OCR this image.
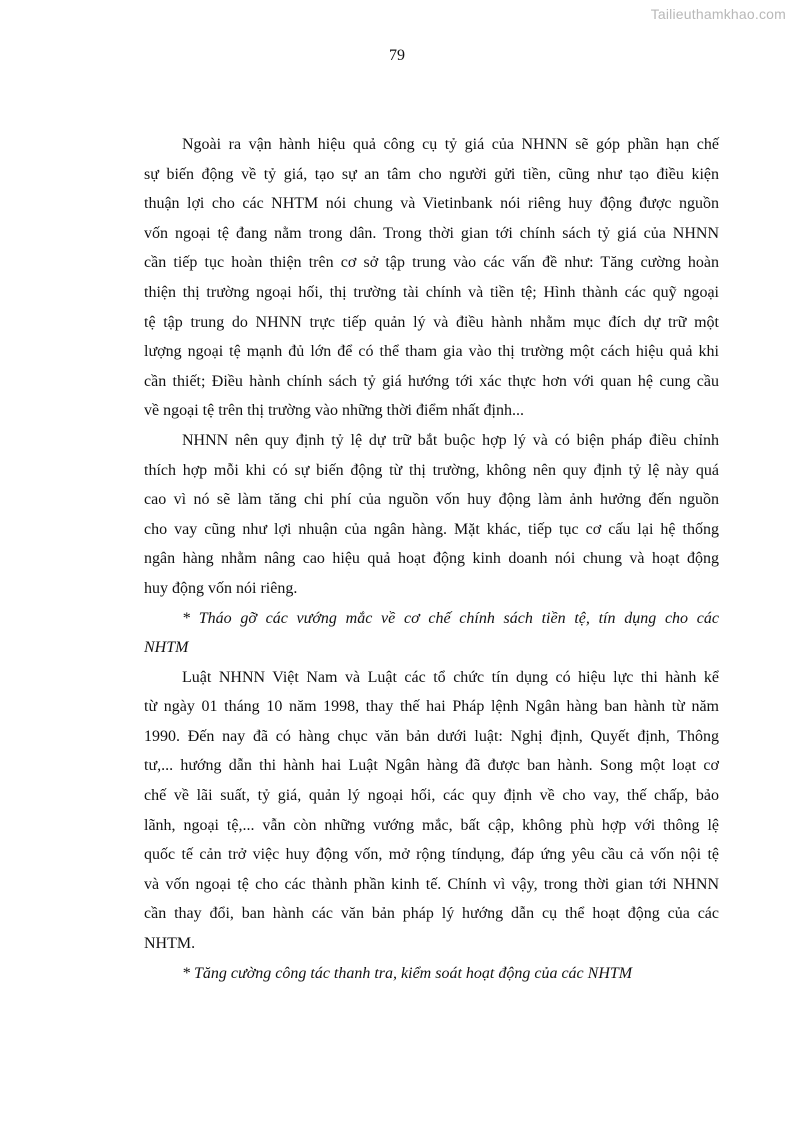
Tailieuthamkhao.com
79
Ngoài ra vận hành hiệu quả công cụ tỷ giá của NHNN sẽ góp phần hạn chế
sự biến động về tỷ giá, tạo sự an tâm cho người gửi tiền, cũng như tạo điều kiện
thuận lợi cho các NHTM nói chung và Vietinbank nói riêng huy động được nguồn
vốn ngoại tệ đang nằm trong dân. Trong thời gian tới chính sách tỷ giá của NHNN
cần tiếp tục hoàn thiện trên cơ sở tập trung vào các vấn đề như: Tăng cường hoàn
thiện thị trường ngoại hối, thị trường tài chính và tiền tệ; Hình thành các quỹ ngoại
tệ tập trung do NHNN trực tiếp quản lý và điều hành nhằm mục đích dự trữ một
lượng ngoại tệ mạnh đủ lớn để có thể tham gia vào thị trường một cách hiệu quả khi
cần thiết; Điều hành chính sách tỷ giá hướng tới xác thực hơn với quan hệ cung cầu
về ngoại tệ trên thị trường vào những thời điểm nhất định...
NHNN nên quy định tỷ lệ dự trữ bắt buộc hợp lý và có biện pháp điều chỉnh
thích hợp mỗi khi có sự biến động từ thị trường, không nên quy định tỷ lệ này quá
cao vì nó sẽ làm tăng chi phí của nguồn vốn huy động làm ảnh hưởng đến nguồn
cho vay cũng như lợi nhuận của ngân hàng. Mặt khác, tiếp tục cơ cấu lại hệ thống
ngân hàng nhằm nâng cao hiệu quả hoạt động kinh doanh nói chung và hoạt động
huy động vốn nói riêng.
* Tháo gỡ các vướng mắc về cơ chế chính sách tiền tệ, tín dụng cho các
NHTM
Luật NHNN Việt Nam và Luật các tổ chức tín dụng có hiệu lực thi hành kể
từ ngày 01 tháng 10 năm 1998, thay thế hai Pháp lệnh Ngân hàng ban hành từ năm
1990. Đến nay đã có hàng chục văn bản dưới luật: Nghị định, Quyết định, Thông
tư,... hướng dẫn thi hành hai Luật Ngân hàng đã được ban hành. Song một loạt cơ
chế về lãi suất, tỷ giá, quản lý ngoại hối, các quy định về cho vay, thế chấp, bảo
lãnh, ngoại tệ,... vẫn còn những vướng mắc, bất cập, không phù hợp với thông lệ
quốc tế cản trở việc huy động vốn, mở rộng tíndụng, đáp ứng yêu cầu cả vốn nội tệ
và vốn ngoại tệ cho các thành phần kinh tế. Chính vì vậy, trong thời gian tới NHNN
cần thay đổi, ban hành các văn bản pháp lý hướng dẫn cụ thể hoạt động của các
NHTM.
* Tăng cường công tác thanh tra, kiểm soát hoạt động của các NHTM
